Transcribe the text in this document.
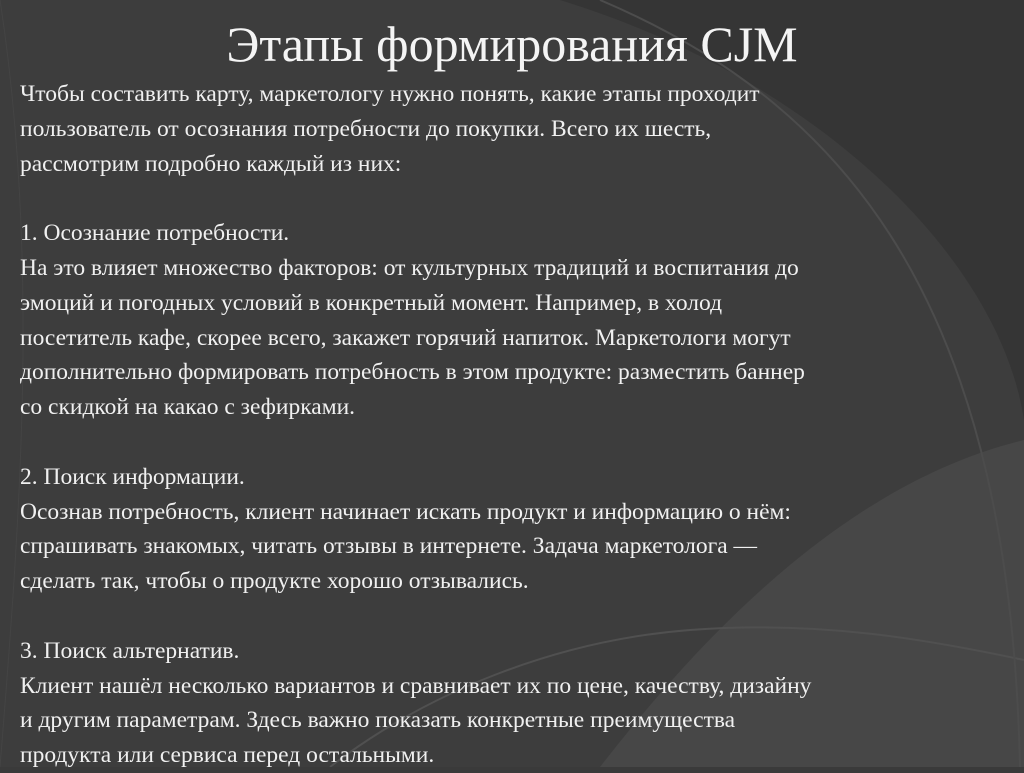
Этапы формирования CJM

Чтобы составить карту, маркетологу нужно понять, какие этапы проходит

пользователь от осознания потребности до покупки. Всего их шесть,

рассмотрим подробно каждый из них:

1. Осознание потребности.

На это влияет множество факторов: от культурных традиций и воспитания до

эмоций и погодных условий в конкретный момент. Например, в холод

посетитель кафе, скорее всего, закажет горячий напиток. Маркетологи могут

дополнительно формировать потребность в этом продукте: разместить баннер

со скидкой на какао с зефирками.

2. Поиск информации.

Осознав потребность, клиент начинает искать продукт и информацию о нём:

спрашивать знакомых, читать отзывы в интернете. Задача маркетолога —

сделать так, чтобы о продукте хорошо отзывались.

3. Поиск альтернатив.

Клиент нашёл несколько вариантов и сравнивает их по цене, качеству, дизайну

и другим параметрам. Здесь важно показать конкретные преимущества

продукта или сервиса перед остальными.
